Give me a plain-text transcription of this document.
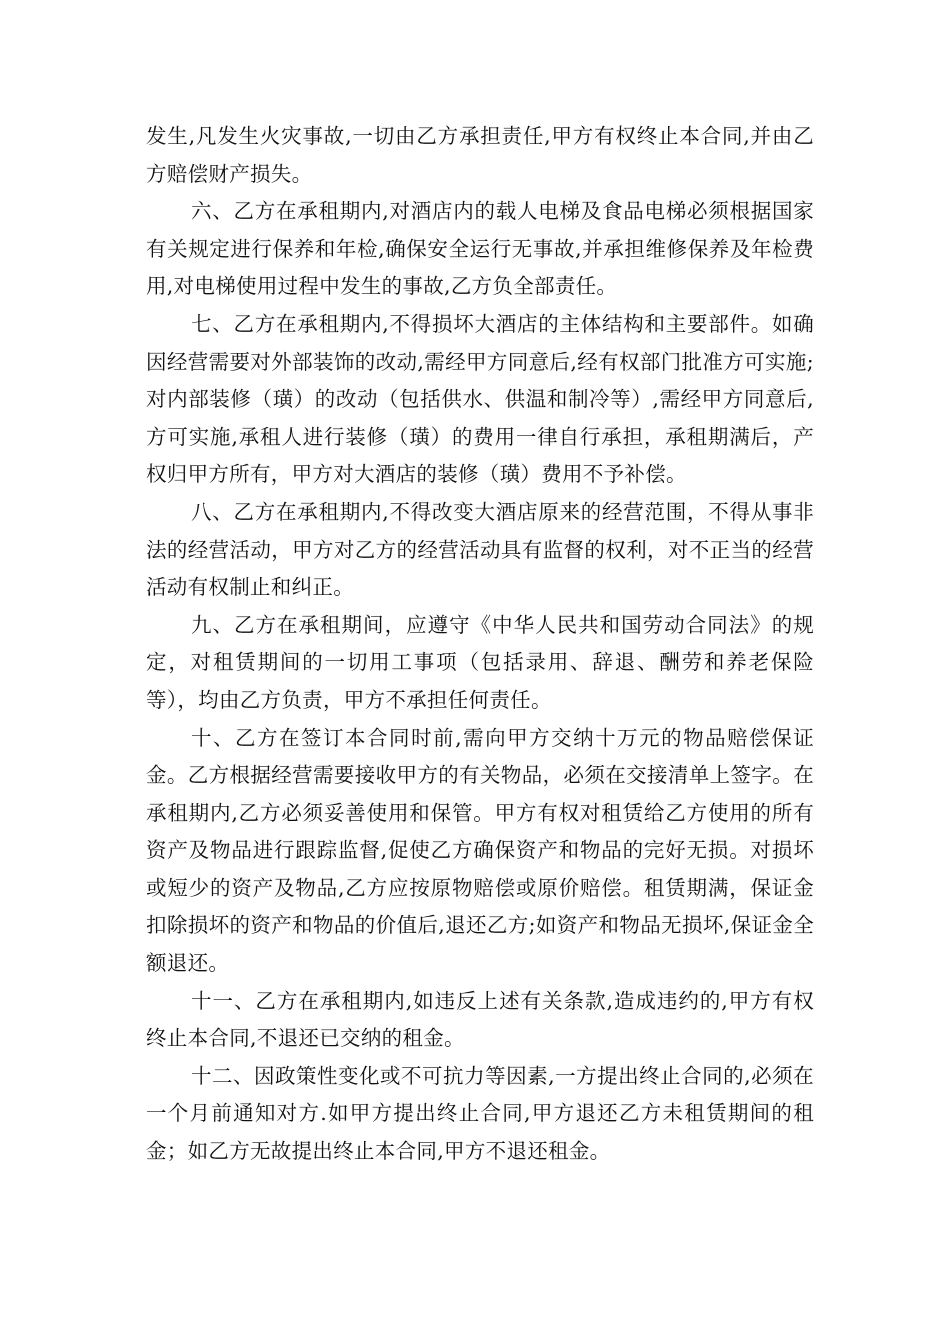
发生,凡发生火灾事故,一切由乙方承担责任,甲方有权终止本合同,并由乙方赔偿财产损失。

六、乙方在承租期内,对酒店内的载人电梯及食品电梯必须根据国家有关规定进行保养和年检,确保安全运行无事故,并承担维修保养及年检费用,对电梯使用过程中发生的事故,乙方负全部责任。

七、乙方在承租期内,不得损坏大酒店的主体结构和主要部件。如确因经营需要对外部装饰的改动,需经甲方同意后,经有权部门批准方可实施;对内部装修（璜）的改动（包括供水、供温和制冷等）,需经甲方同意后,方可实施,承租人进行装修（璜）的费用一律自行承担，承租期满后，产权归甲方所有，甲方对大酒店的装修（璜）费用不予补偿。

八、乙方在承租期内,不得改变大酒店原来的经营范围，不得从事非法的经营活动，甲方对乙方的经营活动具有监督的权利，对不正当的经营活动有权制止和纠正。

九、乙方在承租期间，应遵守《中华人民共和国劳动合同法》的规定，对租赁期间的一切用工事项（包括录用、辞退、酬劳和养老保险等），均由乙方负责，甲方不承担任何责任。

十、乙方在签订本合同时前,需向甲方交纳十万元的物品赔偿保证金。乙方根据经营需要接收甲方的有关物品，必须在交接清单上签字。在承租期内,乙方必须妥善使用和保管。甲方有权对租赁给乙方使用的所有资产及物品进行跟踪监督,促使乙方确保资产和物品的完好无损。对损坏或短少的资产及物品,乙方应按原物赔偿或原价赔偿。租赁期满，保证金扣除损坏的资产和物品的价值后,退还乙方;如资产和物品无损坏,保证金全额退还。

十一、乙方在承租期内,如违反上述有关条款,造成违约的,甲方有权终止本合同,不退还已交纳的租金。

十二、因政策性变化或不可抗力等因素,一方提出终止合同的,必须在一个月前通知对方.如甲方提出终止合同,甲方退还乙方未租赁期间的租金；如乙方无故提出终止本合同,甲方不退还租金。
